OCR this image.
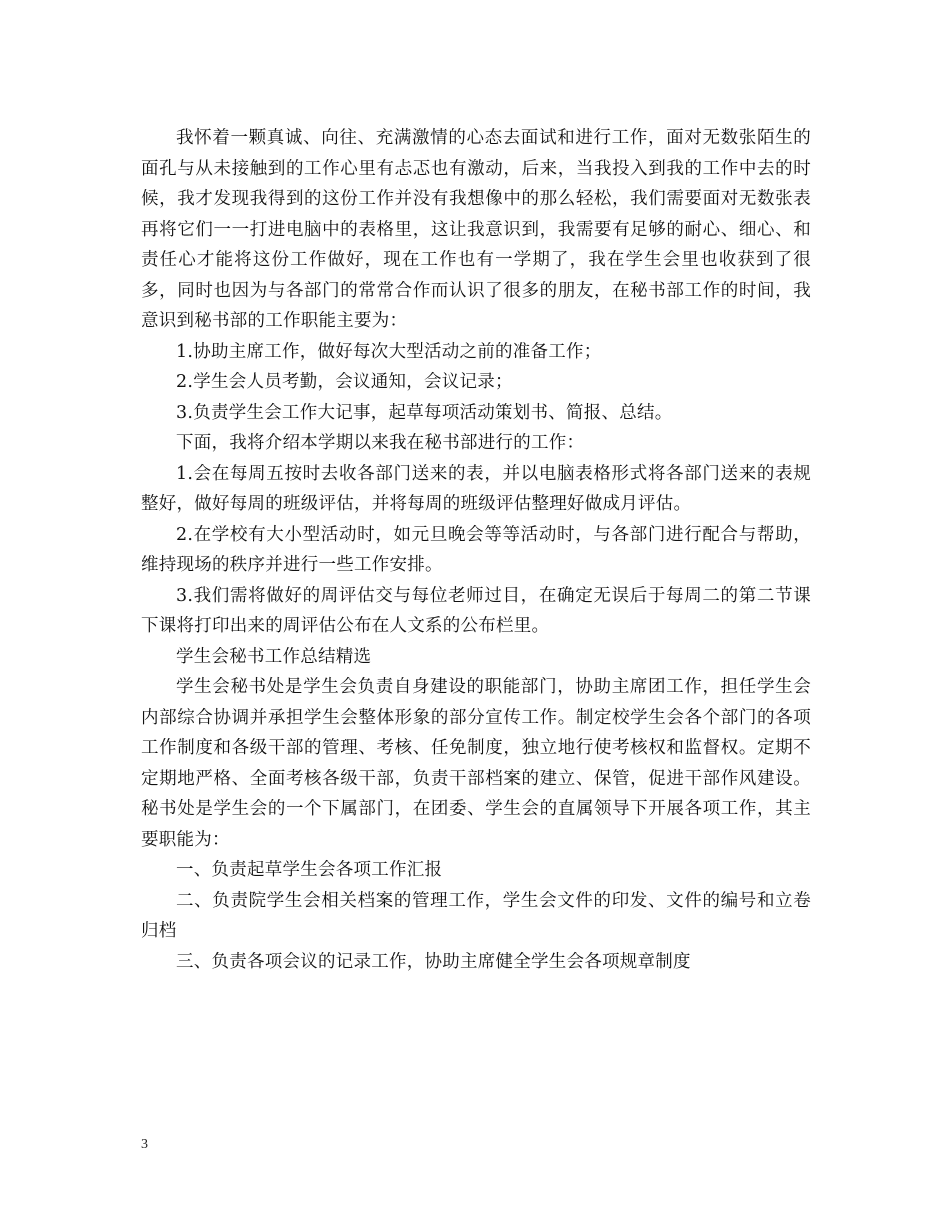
我怀着一颗真诚、向往、充满激情的心态去面试和进行工作，面对无数张陌生的面孔与从未接触到的工作心里有忐忑也有激动，后来，当我投入到我的工作中去的时候，我才发现我得到的这份工作并没有我想像中的那么轻松，我们需要面对无数张表再将它们一一打进电脑中的表格里，这让我意识到，我需要有足够的耐心、细心、和责任心才能将这份工作做好，现在工作也有一学期了，我在学生会里也收获到了很多，同时也因为与各部门的常常合作而认识了很多的朋友，在秘书部工作的时间，我意识到秘书部的工作职能主要为：

1.协助主席工作，做好每次大型活动之前的准备工作；

2.学生会人员考勤，会议通知，会议记录；

3.负责学生会工作大记事，起草每项活动策划书、简报、总结。

下面，我将介绍本学期以来我在秘书部进行的工作：

1.会在每周五按时去收各部门送来的表，并以电脑表格形式将各部门送来的表规整好，做好每周的班级评估，并将每周的班级评估整理好做成月评估。

2.在学校有大小型活动时，如元旦晚会等等活动时，与各部门进行配合与帮助，维持现场的秩序并进行一些工作安排。

3.我们需将做好的周评估交与每位老师过目，在确定无误后于每周二的第二节课下课将打印出来的周评估公布在人文系的公布栏里。

学生会秘书工作总结精选

学生会秘书处是学生会负责自身建设的职能部门，协助主席团工作，担任学生会内部综合协调并承担学生会整体形象的部分宣传工作。制定校学生会各个部门的各项工作制度和各级干部的管理、考核、任免制度，独立地行使考核权和监督权。定期不定期地严格、全面考核各级干部，负责干部档案的建立、保管，促进干部作风建设。秘书处是学生会的一个下属部门，在团委、学生会的直属领导下开展各项工作，其主要职能为：

一、负责起草学生会各项工作汇报

二、负责院学生会相关档案的管理工作，学生会文件的印发、文件的编号和立卷归档

三、负责各项会议的记录工作，协助主席健全学生会各项规章制度

3
